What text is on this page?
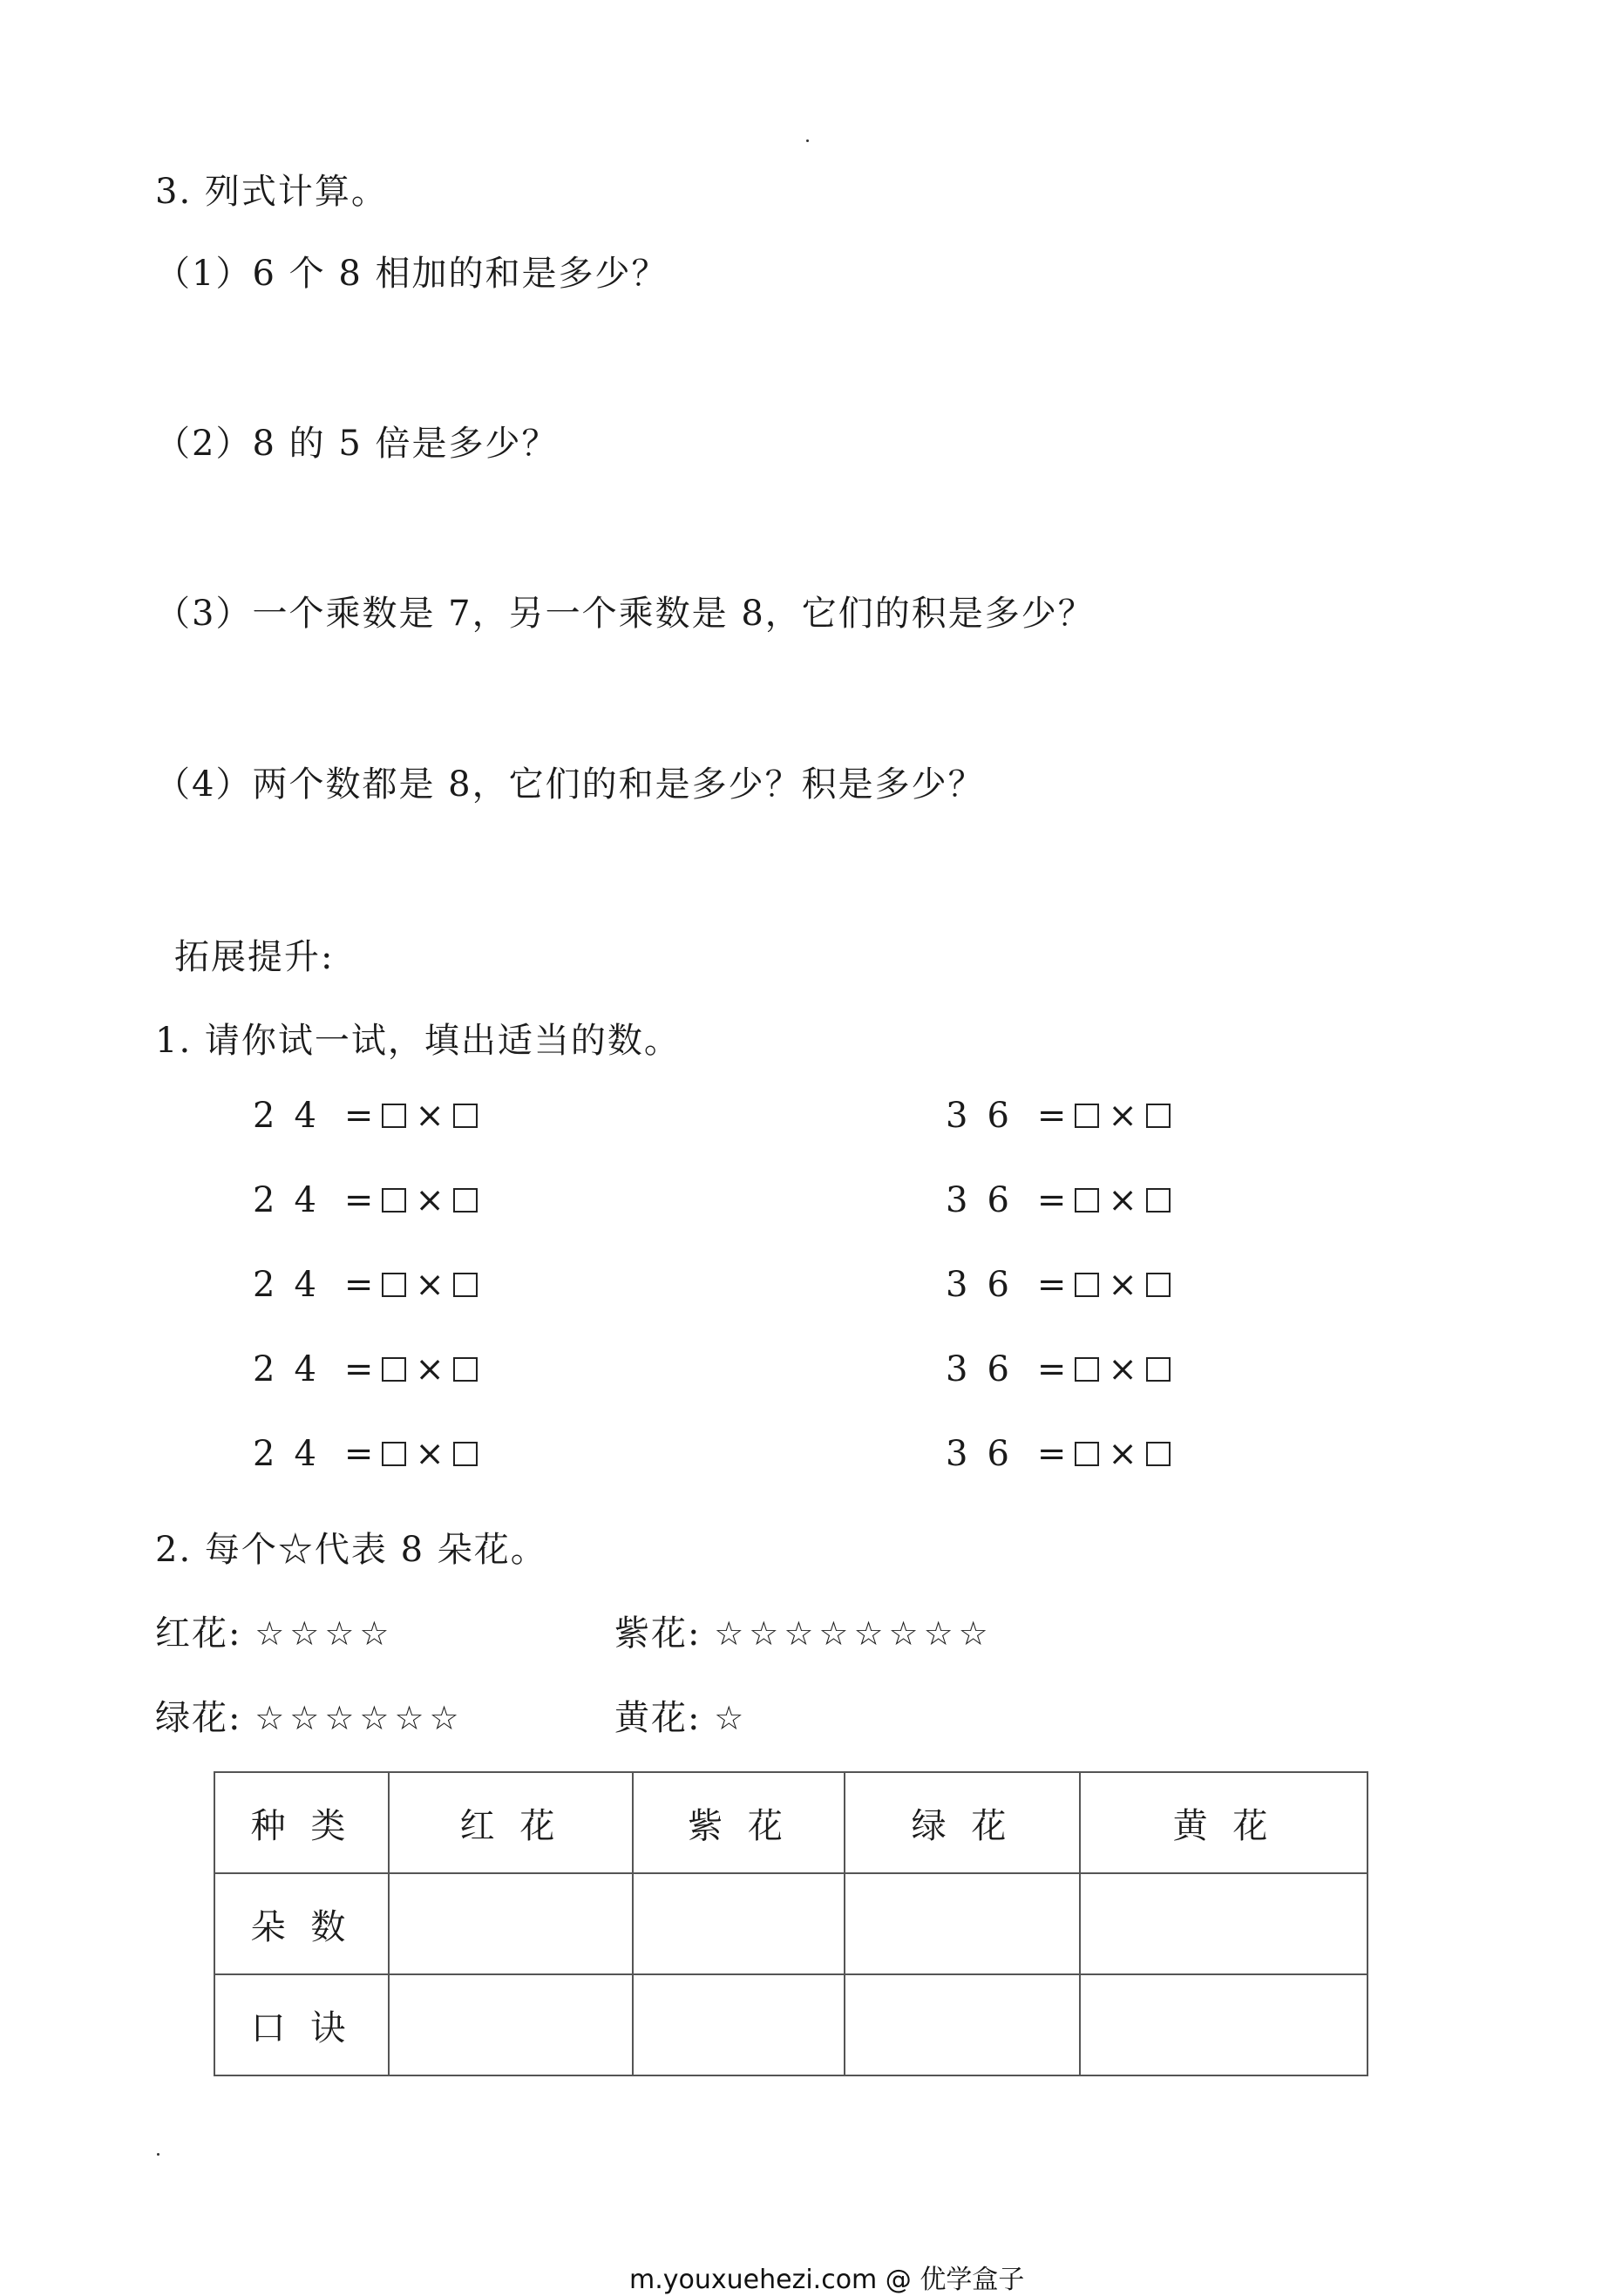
3. 列式计算。
（1）6 个 8 相加的和是多少？
（2）8 的 5 倍是多少？
（3）一个乘数是 7，另一个乘数是 8，它们的积是多少？
（4）两个数都是 8，它们的和是多少？积是多少？
拓展提升:
1. 请你试一试，填出适当的数。
24 = ×
24 = ×
24 = ×
24 = ×
24 = ×
36 = ×
36 = ×
36 = ×
36 = ×
36 = ×
2. 每个☆代表 8 朵花。
红花: ☆☆☆☆	紫花: ☆☆☆☆☆☆☆☆
绿花: ☆☆☆☆☆☆	黄花: ☆
种 类	红 花	紫 花	绿 花	黄 花
朵 数				
口 诀				
m.youxuehezi.com @ 优学盒子
